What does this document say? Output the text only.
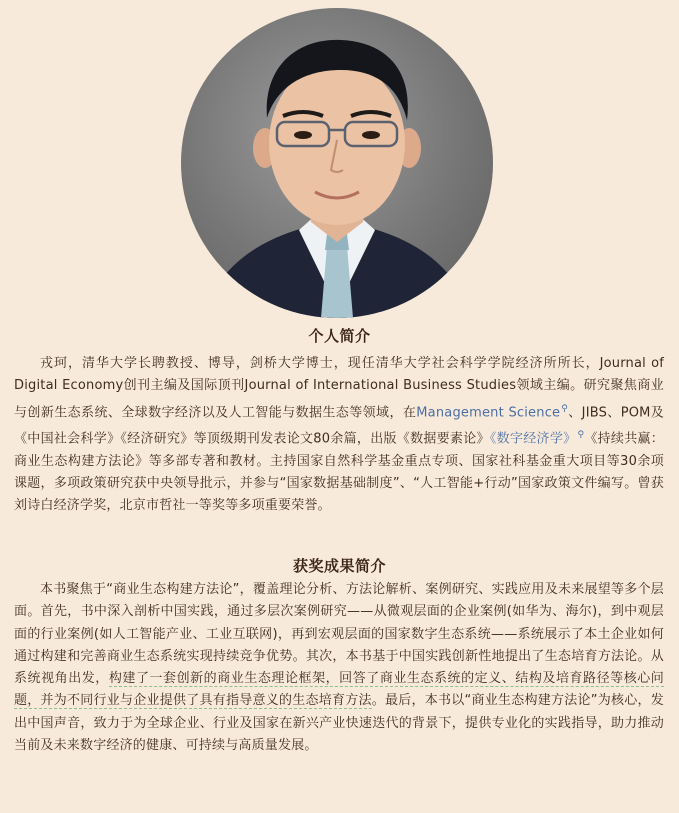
个人简介

戎珂，清华大学长聘教授、博导，剑桥大学博士，现任清华大学社会科学学院经济所所长，Journal of Digital Economy创刊主编及国际顶刊Journal of International Business Studies领域主编。研究聚焦商业与创新生态系统、全球数字经济以及人工智能与数据生态等领域，在Management Science⚲、JIBS、POM及《中国社会科学》《经济研究》等顶级期刊发表论文80余篇，出版《数据要素论》《数字经济学》⚲《持续共赢：商业生态构建方法论》等多部专著和教材。主持国家自然科学基金重点专项、国家社科基金重大项目等30余项课题，多项政策研究获中央领导批示，并参与“国家数据基础制度”、“人工智能+行动”国家政策文件编写。曾获刘诗白经济学奖，北京市哲社一等奖等多项重要荣誉。

获奖成果简介

本书聚焦于“商业生态构建方法论”，覆盖理论分析、方法论解析、案例研究、实践应用及未来展望等多个层面。首先，书中深入剖析中国实践，通过多层次案例研究——从微观层面的企业案例(如华为、海尔)，到中观层面的行业案例(如人工智能产业、工业互联网)，再到宏观层面的国家数字生态系统——系统展示了本土企业如何通过构建和完善商业生态系统实现持续竞争优势。其次，本书基于中国实践创新性地提出了生态培育方法论。从系统视角出发，构建了一套创新的商业生态理论框架，回答了商业生态系统的定义、结构及培育路径等核心问题，并为不同行业与企业提供了具有指导意义的生态培育方法。最后，本书以“商业生态构建方法论”为核心，发出中国声音，致力于为全球企业、行业及国家在新兴产业快速迭代的背景下，提供专业化的实践指导，助力推动当前及未来数字经济的健康、可持续与高质量发展。
